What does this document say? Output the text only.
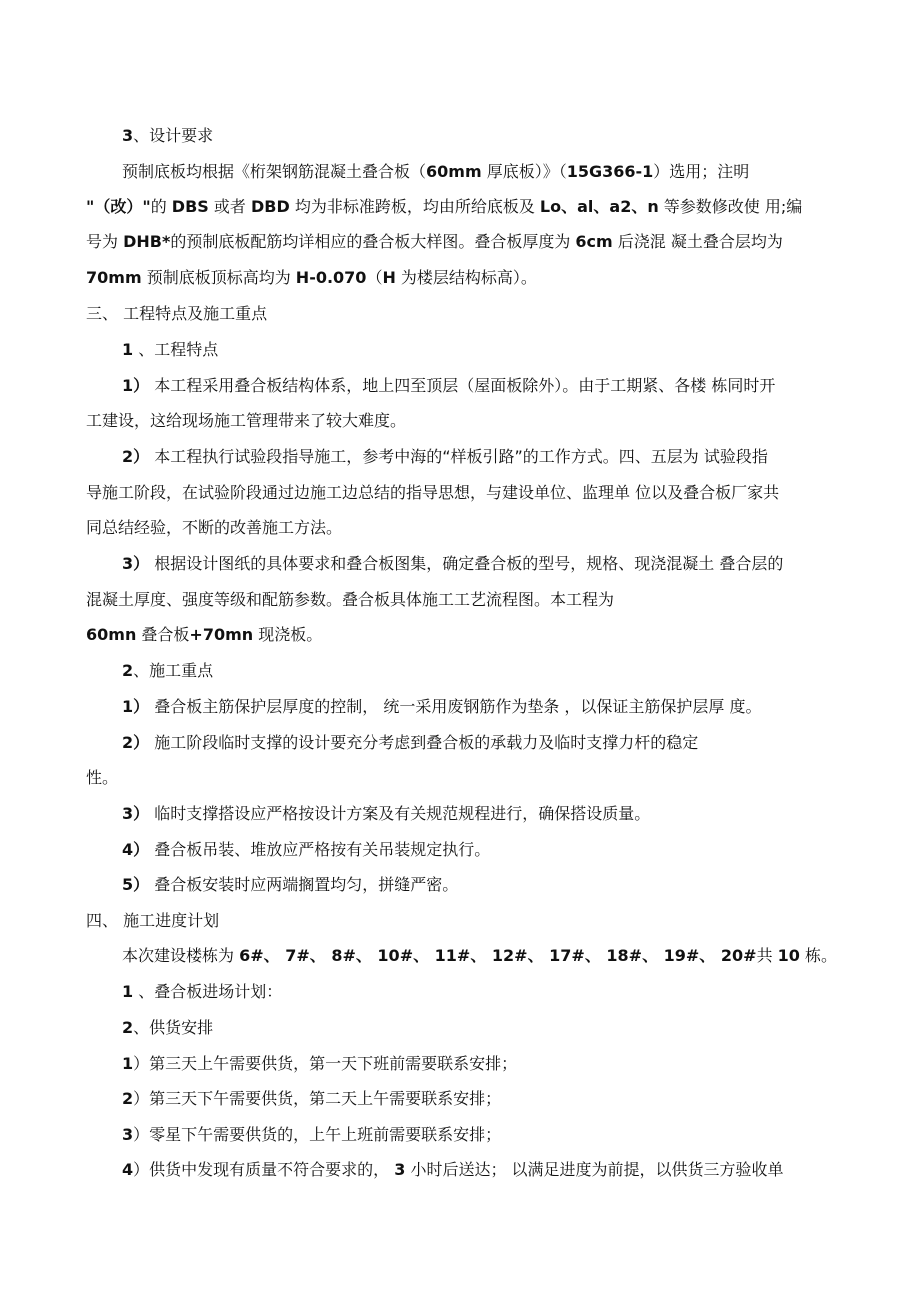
3、设计要求
预制底板均根据《桁架钢筋混凝土叠合板（60mm 厚底板）》（15G366-1）选用；注明
"（改）"的 DBS 或者 DBD 均为非标准跨板，均由所给底板及 Lo、al、a2、n 等参数修改使 用;编
号为 DHB*的预制底板配筋均详相应的叠合板大样图。叠合板厚度为 6cm 后浇混 凝土叠合层均为
70mm 预制底板顶标高均为 H-0.070（H 为楼层结构标高）。
三、 工程特点及施工重点
1 、工程特点
1） 本工程采用叠合板结构体系，地上四至顶层（屋面板除外）。由于工期紧、各楼 栋同时开
工建设，这给现场施工管理带来了较大难度。
2） 本工程执行试验段指导施工，参考中海的“样板引路”的工作方式。四、五层为 试验段指
导施工阶段，在试验阶段通过边施工边总结的指导思想，与建设单位、监理单 位以及叠合板厂家共
同总结经验，不断的改善施工方法。
3） 根据设计图纸的具体要求和叠合板图集，确定叠合板的型号，规格、现浇混凝土 叠合层的
混凝土厚度、强度等级和配筋参数。叠合板具体施工工艺流程图。本工程为
60mn 叠合板+70mn 现浇板。
2、施工重点
1） 叠合板主筋保护层厚度的控制， 统一采用废钢筋作为垫条 ，以保证主筋保护层厚 度。
2） 施工阶段临时支撑的设计要充分考虑到叠合板的承载力及临时支撑力杆的稳定
性。
3） 临时支撑搭设应严格按设计方案及有关规范规程进行，确保搭设质量。
4） 叠合板吊装、堆放应严格按有关吊装规定执行。
5） 叠合板安装时应两端搁置均匀，拼缝严密。
四、 施工进度计划
本次建设楼栋为 6#、 7#、 8#、 10#、 11#、 12#、 17#、 18#、 19#、 20#共 10 栋。
1 、叠合板进场计划：
2、供货安排
1）第三天上午需要供货，第一天下班前需要联系安排；
2）第三天下午需要供货，第二天上午需要联系安排；
3）零星下午需要供货的，上午上班前需要联系安排；
4）供货中发现有质量不符合要求的， 3 小时后送达； 以满足进度为前提，以供货三方验收单
